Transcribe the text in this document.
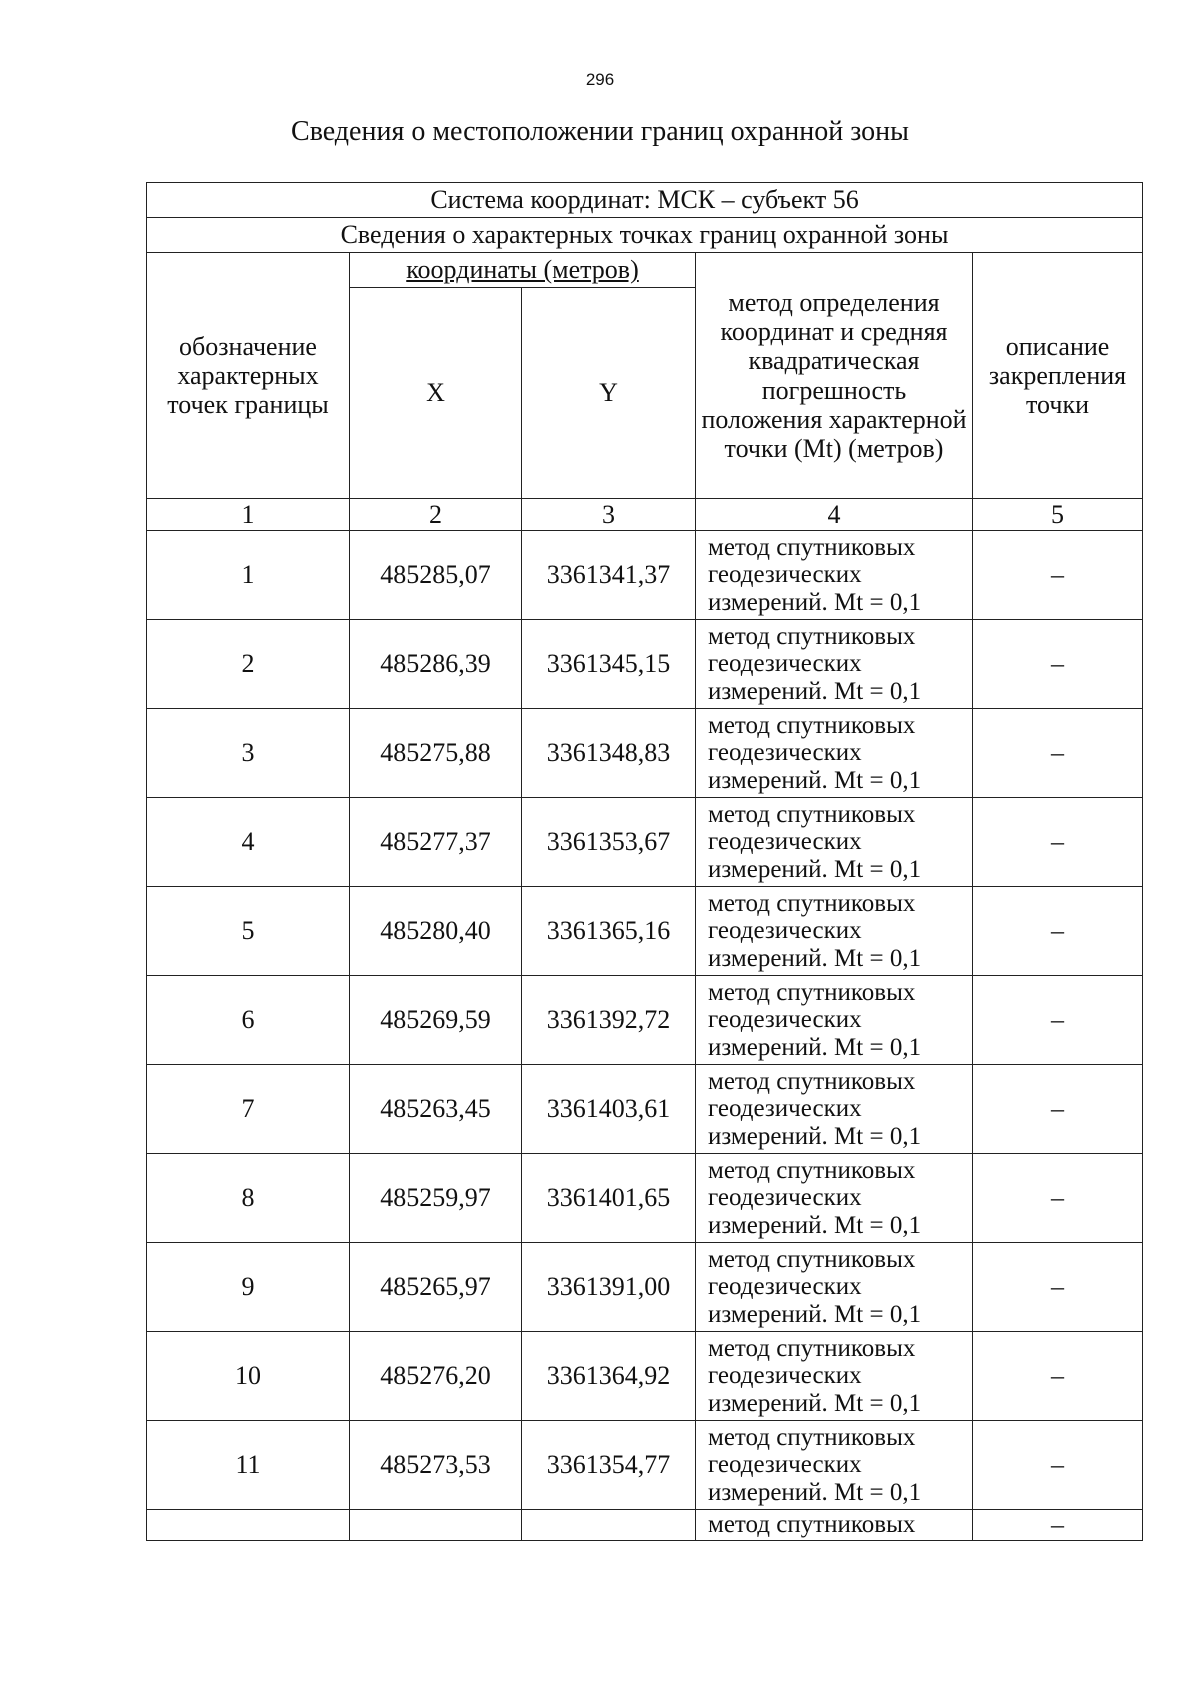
296
Сведения о местоположении границ охранной зоны
Система координат: МСК – субъект 56				
Сведения о характерных точках границ охранной зоны				
обозначение характерных точек границы	координаты (метров)		метод определения координат и средняя квадратическая погрешность положения характерной точки (Mt) (метров)	описание закрепления точки
	X	Y		
1	2	3	4	5
1	485285,07	3361341,37	метод спутниковых геодезических измерений. Mt = 0,1	–
2	485286,39	3361345,15	метод спутниковых геодезических измерений. Mt = 0,1	–
3	485275,88	3361348,83	метод спутниковых геодезических измерений. Mt = 0,1	–
4	485277,37	3361353,67	метод спутниковых геодезических измерений. Mt = 0,1	–
5	485280,40	3361365,16	метод спутниковых геодезических измерений. Mt = 0,1	–
6	485269,59	3361392,72	метод спутниковых геодезических измерений. Mt = 0,1	–
7	485263,45	3361403,61	метод спутниковых геодезических измерений. Mt = 0,1	–
8	485259,97	3361401,65	метод спутниковых геодезических измерений. Mt = 0,1	–
9	485265,97	3361391,00	метод спутниковых геодезических измерений. Mt = 0,1	–
10	485276,20	3361364,92	метод спутниковых геодезических измерений. Mt = 0,1	–
11	485273,53	3361354,77	метод спутниковых геодезических измерений. Mt = 0,1	–
			метод спутниковых	–
